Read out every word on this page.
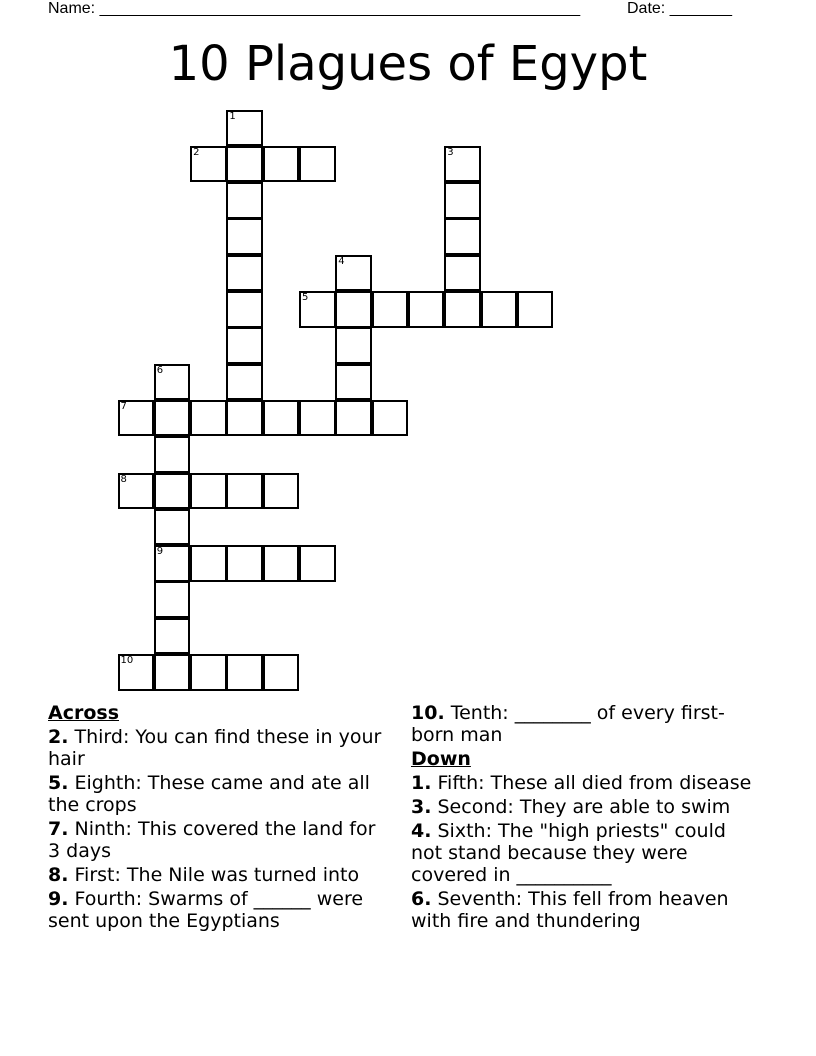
Name: ______________________________________________________	Date: _______
10 Plagues of Egypt
1
2	3
4
5
6
7
8
9
10
Across
2. Third: You can find these in your hair
5. Eighth: These came and ate all the crops
7. Ninth: This covered the land for 3 days
8. First: The Nile was turned into
9. Fourth: Swarms of ______ were sent upon the Egyptians
10. Tenth: ________ of every first-born man
Down
1. Fifth: These all died from disease
3. Second: They are able to swim
4. Sixth: The "high priests" could not stand because they were covered in __________
6. Seventh: This fell from heaven with fire and thundering
